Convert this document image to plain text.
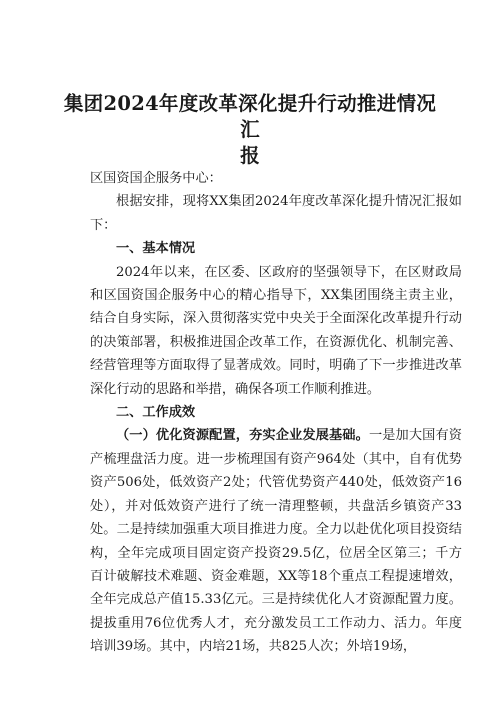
集团2024年度改革深化提升行动推进情况汇
报

区国资国企服务中心：

根据安排，现将XX集团2024年度改革深化提升情况汇报如下：

一、基本情况

2024年以来，在区委、区政府的坚强领导下，在区财政局和区国资国企服务中心的精心指导下，XX集团围绕主责主业，结合自身实际，深入贯彻落实党中央关于全面深化改革提升行动的决策部署，积极推进国企改革工作，在资源优化、机制完善、经营管理等方面取得了显著成效。同时，明确了下一步推进改革深化行动的思路和举措，确保各项工作顺利推进。

二、工作成效

（一）优化资源配置，夯实企业发展基础。一是加大国有资产梳理盘活力度。进一步梳理国有资产964处（其中，自有优势资产506处，低效资产2处；代管优势资产440处，低效资产16处），并对低效资产进行了统一清理整顿，共盘活乡镇资产33处。二是持续加强重大项目推进力度。全力以赴优化项目投资结构，全年完成项目固定资产投资29.5亿，位居全区第三；千方百计破解技术难题、资金难题，XX等18个重点工程提速增效，全年完成总产值15.33亿元。三是持续优化人才资源配置力度。提拔重用76位优秀人才，充分激发员工工作动力、活力。年度培训39场。其中，内培21场，共825人次；外培19场，
